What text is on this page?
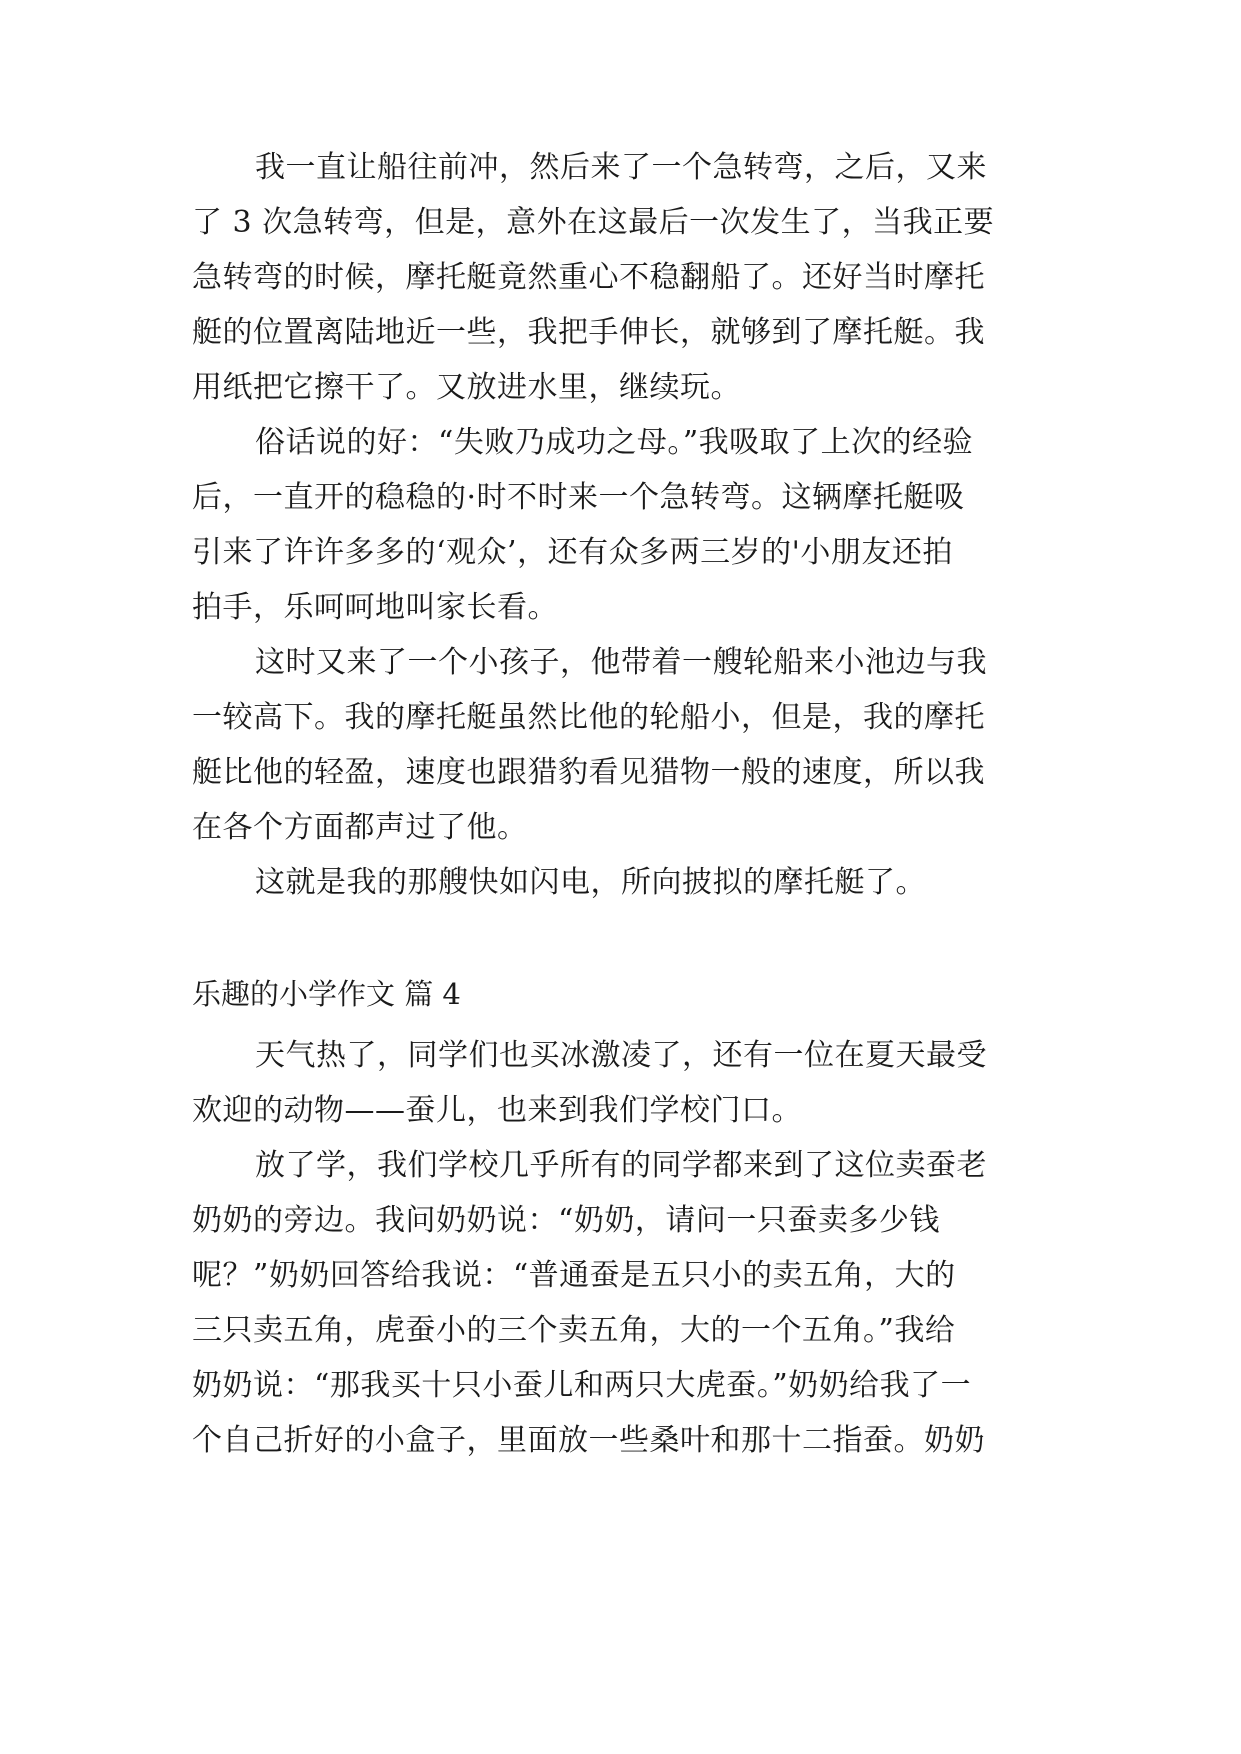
我一直让船往前冲，然后来了一个急转弯，之后，又来
了 3 次急转弯，但是，意外在这最后一次发生了，当我正要
急转弯的时候，摩托艇竟然重心不稳翻船了。还好当时摩托
艇的位置离陆地近一些，我把手伸长，就够到了摩托艇。我
用纸把它擦干了。又放进水里，继续玩。
俗话说的好：“失败乃成功之母。”我吸取了上次的经验
后，一直开的稳稳的·时不时来一个急转弯。这辆摩托艇吸
引来了许许多多的‘观众’，还有众多两三岁的'小朋友还拍
拍手，乐呵呵地叫家长看。
这时又来了一个小孩子，他带着一艘轮船来小池边与我
一较高下。我的摩托艇虽然比他的轮船小，但是，我的摩托
艇比他的轻盈，速度也跟猎豹看见猎物一般的速度，所以我
在各个方面都声过了他。
这就是我的那艘快如闪电，所向披拟的摩托艇了。
乐趣的小学作文 篇 4
天气热了，同学们也买冰激凌了，还有一位在夏天最受
欢迎的动物——蚕儿，也来到我们学校门口。
放了学，我们学校几乎所有的同学都来到了这位卖蚕老
奶奶的旁边。我问奶奶说：“奶奶，请问一只蚕卖多少钱
呢？”奶奶回答给我说：“普通蚕是五只小的卖五角，大的
三只卖五角，虎蚕小的三个卖五角，大的一个五角。”我给
奶奶说：“那我买十只小蚕儿和两只大虎蚕。”奶奶给我了一
个自己折好的小盒子，里面放一些桑叶和那十二指蚕。奶奶
